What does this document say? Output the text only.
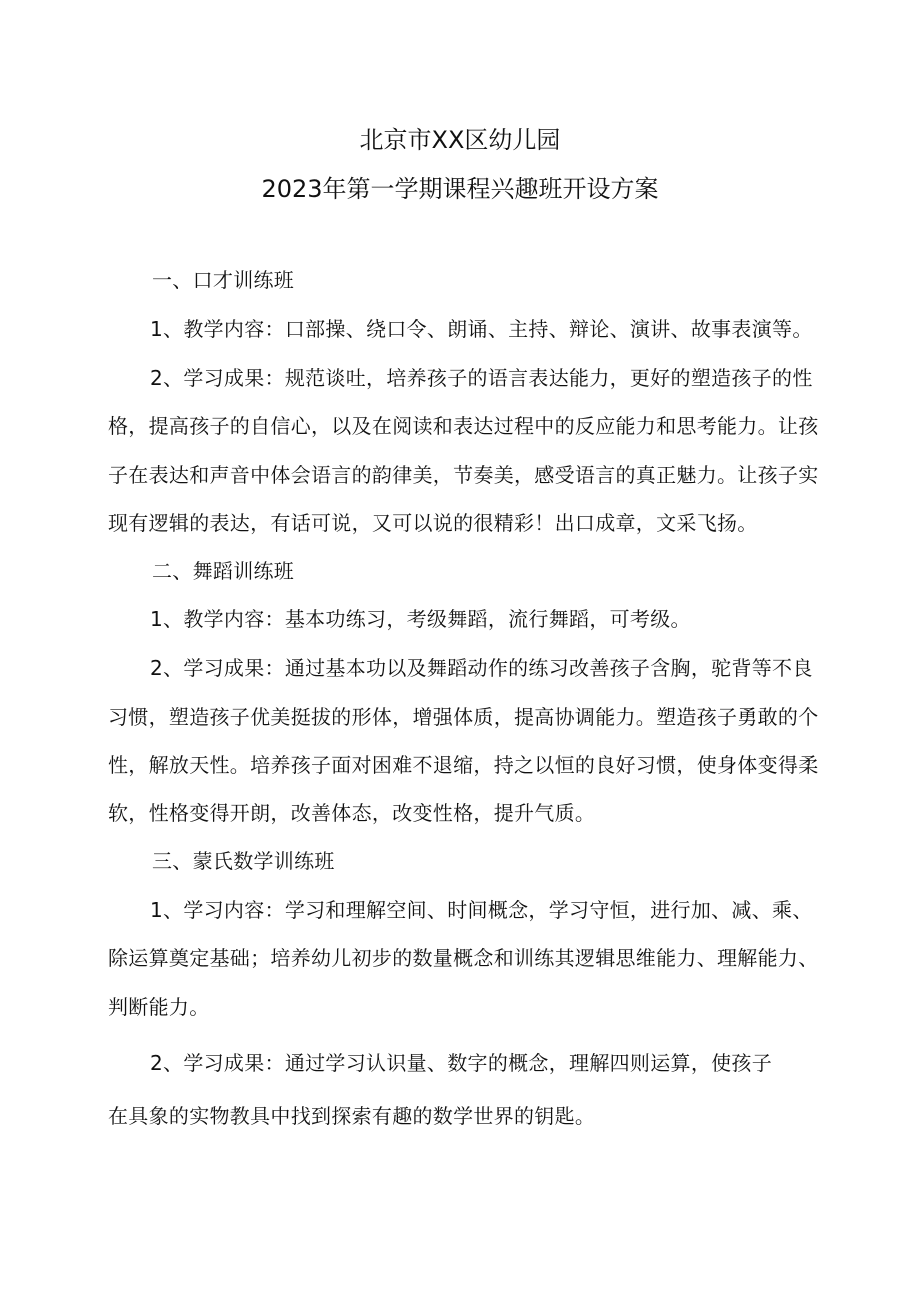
北京市XX区幼儿园
2023年第一学期课程兴趣班开设方案
一、口才训练班
1、教学内容：口部操、绕口令、朗诵、主持、辩论、演讲、故事表演等。
2、学习成果：规范谈吐，培养孩子的语言表达能力，更好的塑造孩子的性
格，提高孩子的自信心，以及在阅读和表达过程中的反应能力和思考能力。让孩
子在表达和声音中体会语言的韵律美，节奏美，感受语言的真正魅力。让孩子实
现有逻辑的表达，有话可说，又可以说的很精彩！出口成章，文采飞扬。
二、舞蹈训练班
1、教学内容：基本功练习，考级舞蹈，流行舞蹈，可考级。
2、学习成果：通过基本功以及舞蹈动作的练习改善孩子含胸，驼背等不良
习惯，塑造孩子优美挺拔的形体，增强体质，提高协调能力。塑造孩子勇敢的个
性，解放天性。培养孩子面对困难不退缩，持之以恒的良好习惯，使身体变得柔
软，性格变得开朗，改善体态，改变性格，提升气质。
三、蒙氏数学训练班
1、学习内容：学习和理解空间、时间概念，学习守恒，进行加、减、乘、
除运算奠定基础；培养幼儿初步的数量概念和训练其逻辑思维能力、理解能力、
判断能力。
2、学习成果：通过学习认识量、数字的概念，理解四则运算，使孩子
在具象的实物教具中找到探索有趣的数学世界的钥匙。
